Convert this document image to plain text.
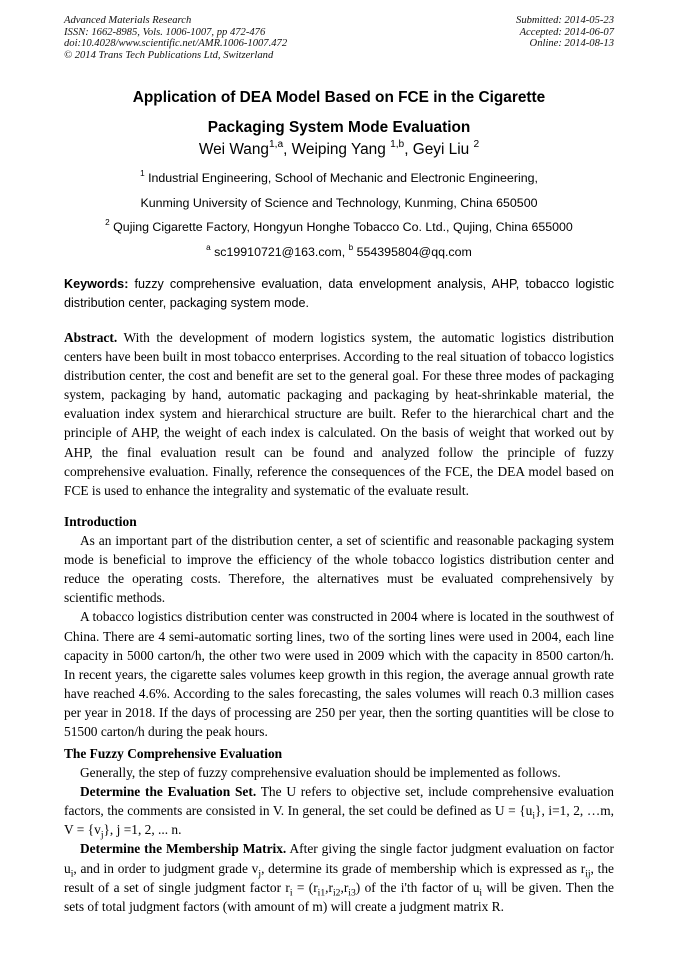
Advanced Materials Research
ISSN: 1662-8985, Vols. 1006-1007, pp 472-476
doi:10.4028/www.scientific.net/AMR.1006-1007.472
© 2014 Trans Tech Publications Ltd, Switzerland
Submitted: 2014-05-23
Accepted: 2014-06-07
Online: 2014-08-13
Application of DEA Model Based on FCE in the Cigarette
Packaging System Mode Evaluation
Wei Wang$^{1,a}$, Weiping Yang $^{1,b}$, Geyi Liu $^2$
$^1$ Industrial Engineering, School of Mechanic and Electronic Engineering,
Kunming University of Science and Technology, Kunming, China 650500
$^2$ Qujing Cigarette Factory, Hongyun Honghe Tobacco Co. Ltd., Qujing, China 655000
$^a$ sc19910721@163.com, $^b$ 554395804@qq.com
Keywords: fuzzy comprehensive evaluation, data envelopment analysis, AHP, tobacco logistic distribution center, packaging system mode.
Abstract. With the development of modern logistics system, the automatic logistics distribution centers have been built in most tobacco enterprises. According to the real situation of tobacco logistics distribution center, the cost and benefit are set to the general goal. For these three modes of packaging system, packaging by hand, automatic packaging and packaging by heat-shrinkable material, the evaluation index system and hierarchical structure are built. Refer to the hierarchical chart and the principle of AHP, the weight of each index is calculated. On the basis of weight that worked out by AHP, the final evaluation result can be found and analyzed follow the principle of fuzzy comprehensive evaluation. Finally, reference the consequences of the FCE, the DEA model based on FCE is used to enhance the integrality and systematic of the evaluate result.

Introduction

As an important part of the distribution center, a set of scientific and reasonable packaging system mode is beneficial to improve the efficiency of the whole tobacco logistics distribution center and reduce the operating costs. Therefore, the alternatives must be evaluated comprehensively by scientific methods.

A tobacco logistics distribution center was constructed in 2004 where is located in the southwest of China. There are 4 semi-automatic sorting lines, two of the sorting lines were used in 2004, each line capacity in 5000 carton/h, the other two were used in 2009 which with the capacity in 8500 carton/h. In recent years, the cigarette sales volumes keep growth in this region, the average annual growth rate have reached 4.6%. According to the sales forecasting, the sales volumes will reach 0.3 million cases per year in 2018. If the days of processing are 250 per year, then the sorting quantities will be close to 51500 carton/h during the peak hours.

The Fuzzy Comprehensive Evaluation

Generally, the step of fuzzy comprehensive evaluation should be implemented as follows.

Determine the Evaluation Set. The U refers to objective set, include comprehensive evaluation factors, the comments are consisted in V. In general, the set could be defined as $U = \{u_i\}$, i=1, 2, …m, $V = \{v_j\}$, j =1, 2, ... n.

Determine the Membership Matrix. After giving the single factor judgment evaluation on factor $u_i$, and in order to judgment grade $v_j$, determine its grade of membership which is expressed as $r_{ij}$, the result of a set of single judgment factor $r_i = (r_{i1},r_{i2},r_{i3})$ of the i'th factor of $u_i$ will be given. Then the sets of total judgment factors (with amount of m) will create a judgment matrix R.
